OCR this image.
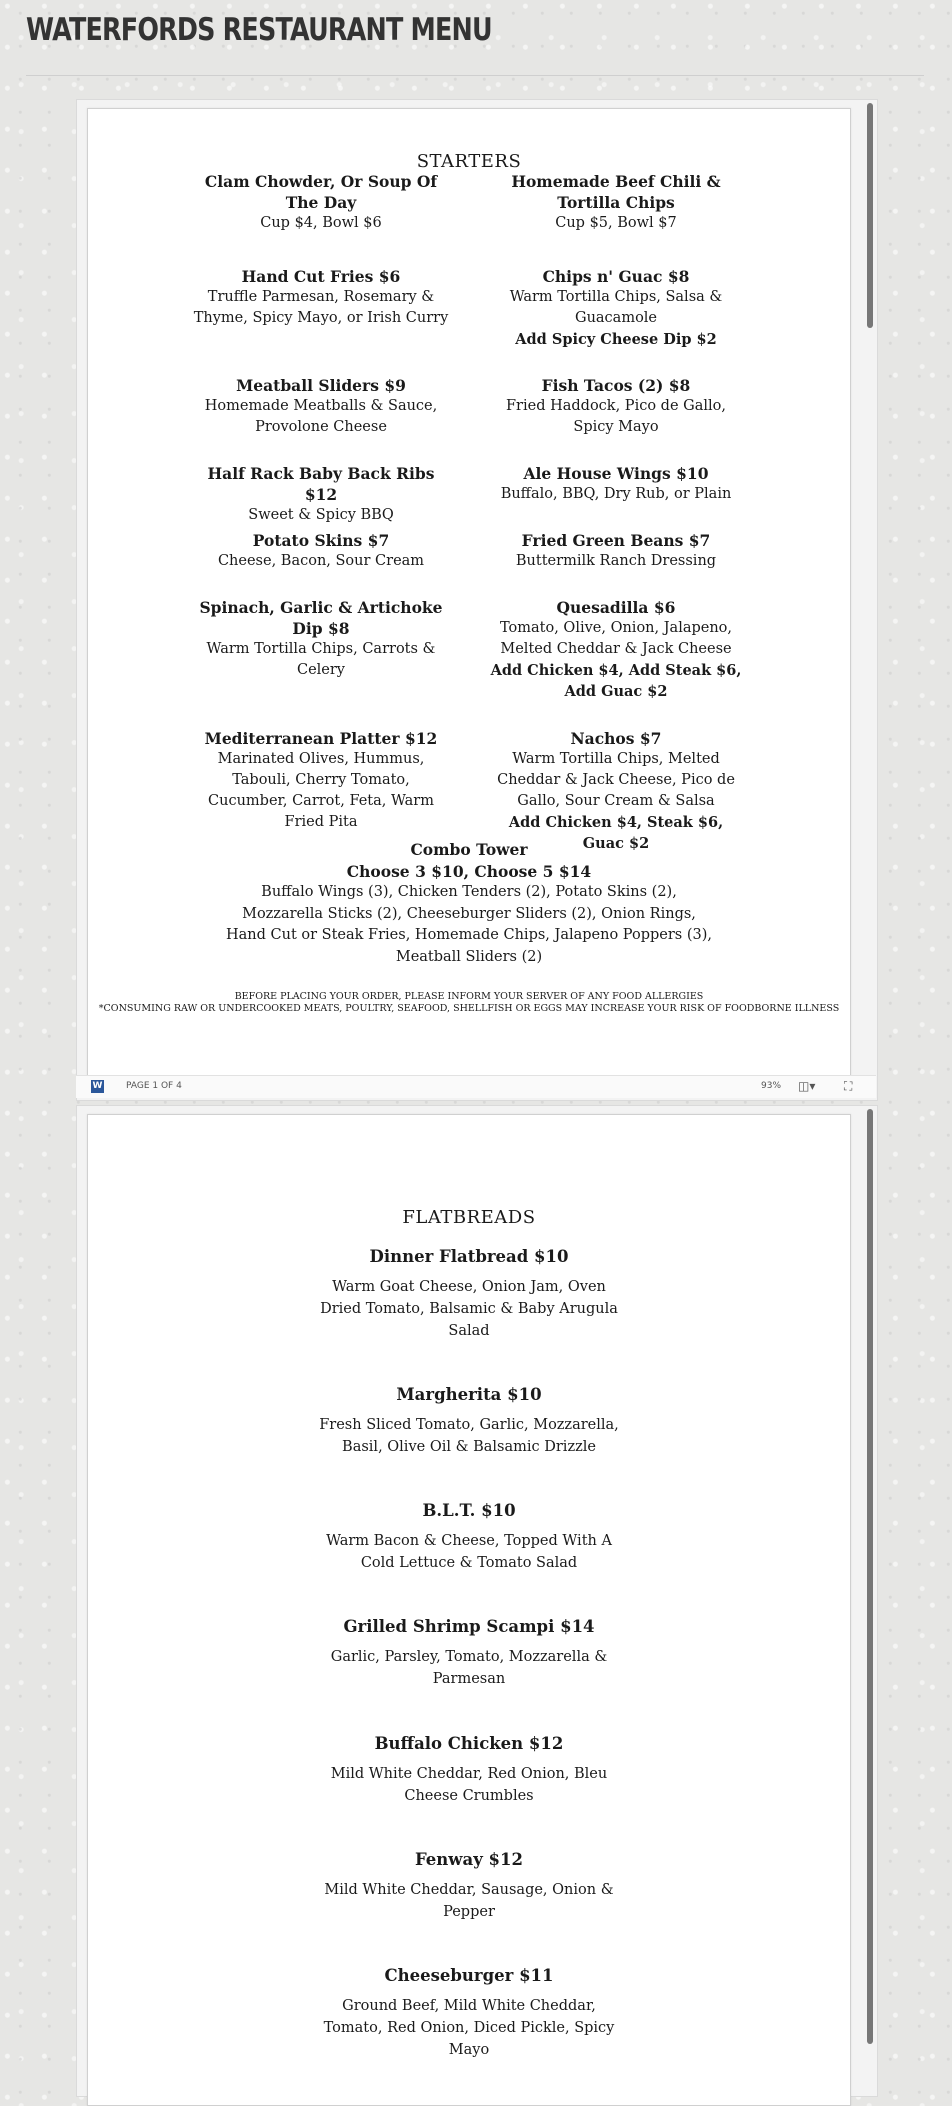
WATERFORDS RESTAURANT MENU
STARTERS
Clam Chowder, Or Soup Of The Day
Cup $4, Bowl $6
Hand Cut Fries $6
Truffle Parmesan, Rosemary & Thyme, Spicy Mayo, or Irish Curry
Meatball Sliders $9
Homemade Meatballs & Sauce, Provolone Cheese
Half Rack Baby Back Ribs $12
Sweet & Spicy BBQ
Potato Skins $7
Cheese, Bacon, Sour Cream
Spinach, Garlic & Artichoke Dip $8
Warm Tortilla Chips, Carrots & Celery
Mediterranean Platter $12
Marinated Olives, Hummus, Tabouli, Cherry Tomato, Cucumber, Carrot, Feta, Warm Fried Pita
Homemade Beef Chili & Tortilla Chips
Cup $5, Bowl $7
Chips n' Guac $8
Warm Tortilla Chips, Salsa & Guacamole
Add Spicy Cheese Dip $2
Fish Tacos (2) $8
Fried Haddock, Pico de Gallo, Spicy Mayo
Ale House Wings $10
Buffalo, BBQ, Dry Rub, or Plain
Fried Green Beans $7
Buttermilk Ranch Dressing
Quesadilla $6
Tomato, Olive, Onion, Jalapeno, Melted Cheddar & Jack Cheese
Add Chicken $4, Add Steak $6, Add Guac $2
Nachos $7
Warm Tortilla Chips, Melted Cheddar & Jack Cheese, Pico de Gallo, Sour Cream & Salsa
Add Chicken $4, Steak $6, Guac $2
Combo Tower
Choose 3 $10, Choose 5 $14
Buffalo Wings (3), Chicken Tenders (2), Potato Skins (2),
Mozzarella Sticks (2), Cheeseburger Sliders (2), Onion Rings,
Hand Cut or Steak Fries, Homemade Chips, Jalapeno Poppers (3),
Meatball Sliders (2)
BEFORE PLACING YOUR ORDER, PLEASE INFORM YOUR SERVER OF ANY FOOD ALLERGIES
*CONSUMING RAW OR UNDERCOOKED MEATS, POULTRY, SEAFOOD, SHELLFISH OR EGGS MAY INCREASE YOUR RISK OF FOODBORNE ILLNESS
W	PAGE 1 OF 4	93% ◫▾ ⛶
FLATBREADS
Dinner Flatbread $10
Warm Goat Cheese, Onion Jam, Oven
Dried Tomato, Balsamic & Baby Arugula
Salad
Margherita $10
Fresh Sliced Tomato, Garlic, Mozzarella,
Basil, Olive Oil & Balsamic Drizzle
B.L.T. $10
Warm Bacon & Cheese, Topped With A
Cold Lettuce & Tomato Salad
Grilled Shrimp Scampi $14
Garlic, Parsley, Tomato, Mozzarella &
Parmesan
Buffalo Chicken $12
Mild White Cheddar, Red Onion, Bleu
Cheese Crumbles
Fenway $12
Mild White Cheddar, Sausage, Onion &
Pepper
Cheeseburger $11
Ground Beef, Mild White Cheddar,
Tomato, Red Onion, Diced Pickle, Spicy
Mayo
